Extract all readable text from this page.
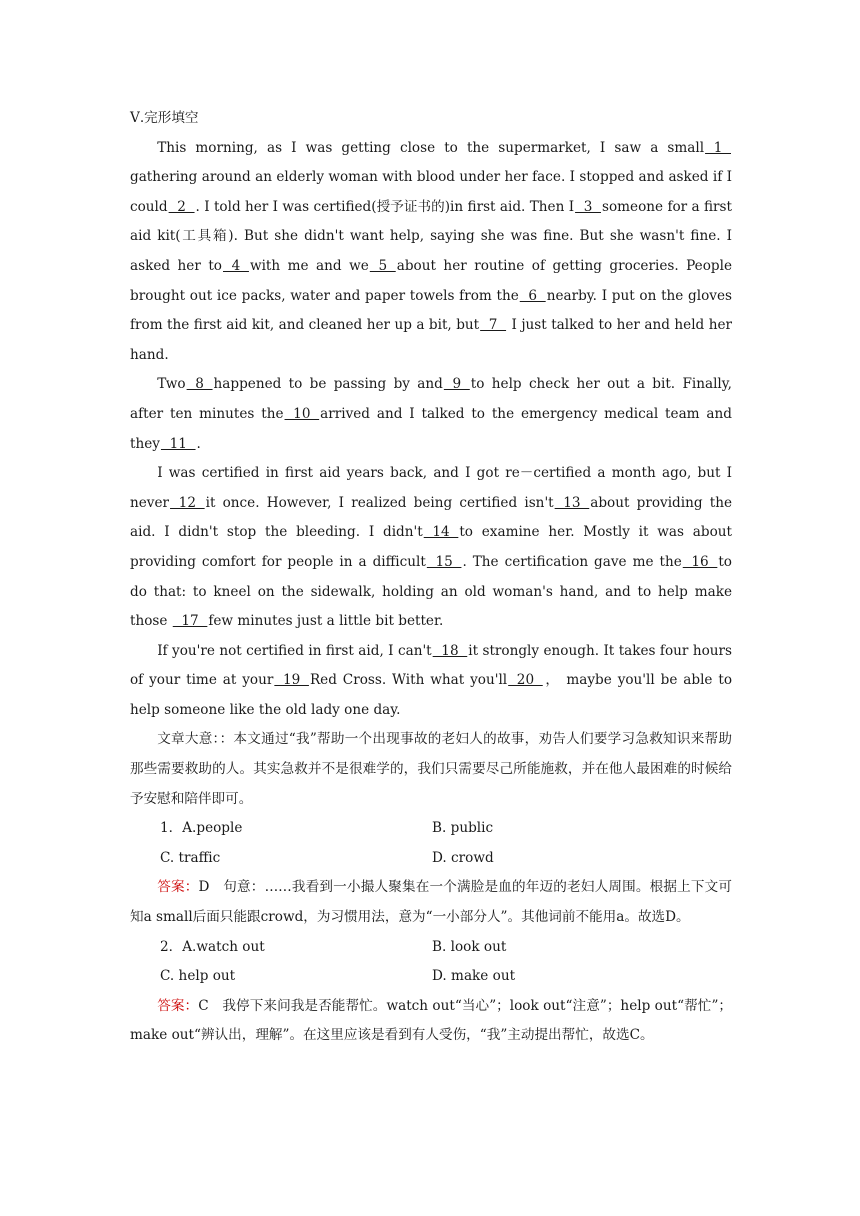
Ⅴ.完形填空

This morning, as I was getting close to the supermarket, I saw a small  1  gathering around an elderly woman with blood under her face. I stopped and asked if I could  2  . I told her I was certified(授予证书的)in first aid. Then I  3  someone for a first aid kit(工具箱). But she didn't want help, saying she was fine. But she wasn't fine. I asked her to  4  with me and we  5  about her routine of getting groceries. People brought out ice packs, water and paper towels from the  6  nearby. I put on the gloves from the first aid kit, and cleaned her up a bit, but  7   I just talked to her and held her hand.

Two  8  happened to be passing by and  9  to help check her out a bit. Finally, after ten minutes the  10  arrived and I talked to the emergency medical team and they  11  .

I was certified in first aid years back, and I got re－certified a month ago, but I never  12  it once. However, I realized being certified isn't  13  about providing the aid. I didn't stop the bleeding. I didn't  14  to examine her. Mostly it was about providing comfort for people in a difficult  15  . The certification gave me the  16  to do that: to kneel on the sidewalk, holding an old woman's hand, and to help make those   17  few minutes just a little bit better.

If you're not certified in first aid, I can't  18  it strongly enough. It takes four hours of your time at your  19  Red Cross. With what you'll  20  ， maybe you'll be able to help someone like the old lady one day.

文章大意：：本文通过“我”帮助一个出现事故的老妇人的故事，劝告人们要学习急救知识来帮助那些需要救助的人。其实急救并不是很难学的，我们只需要尽己所能施救，并在他人最困难的时候给予安慰和陪伴即可。

1．A.people	B. public
C. traffic	D. crowd

答案：D　句意：……我看到一小撮人聚集在一个满脸是血的年迈的老妇人周围。根据上下文可知a small后面只能跟crowd，为习惯用法，意为“一小部分人”。其他词前不能用a。故选D。

2．A.watch out	B. look out
C. help out	D. make out

答案：C　我停下来问我是否能帮忙。watch out“当心”；look out“注意”；help out“帮忙”；make out“辨认出，理解”。在这里应该是看到有人受伤，“我”主动提出帮忙，故选C。
